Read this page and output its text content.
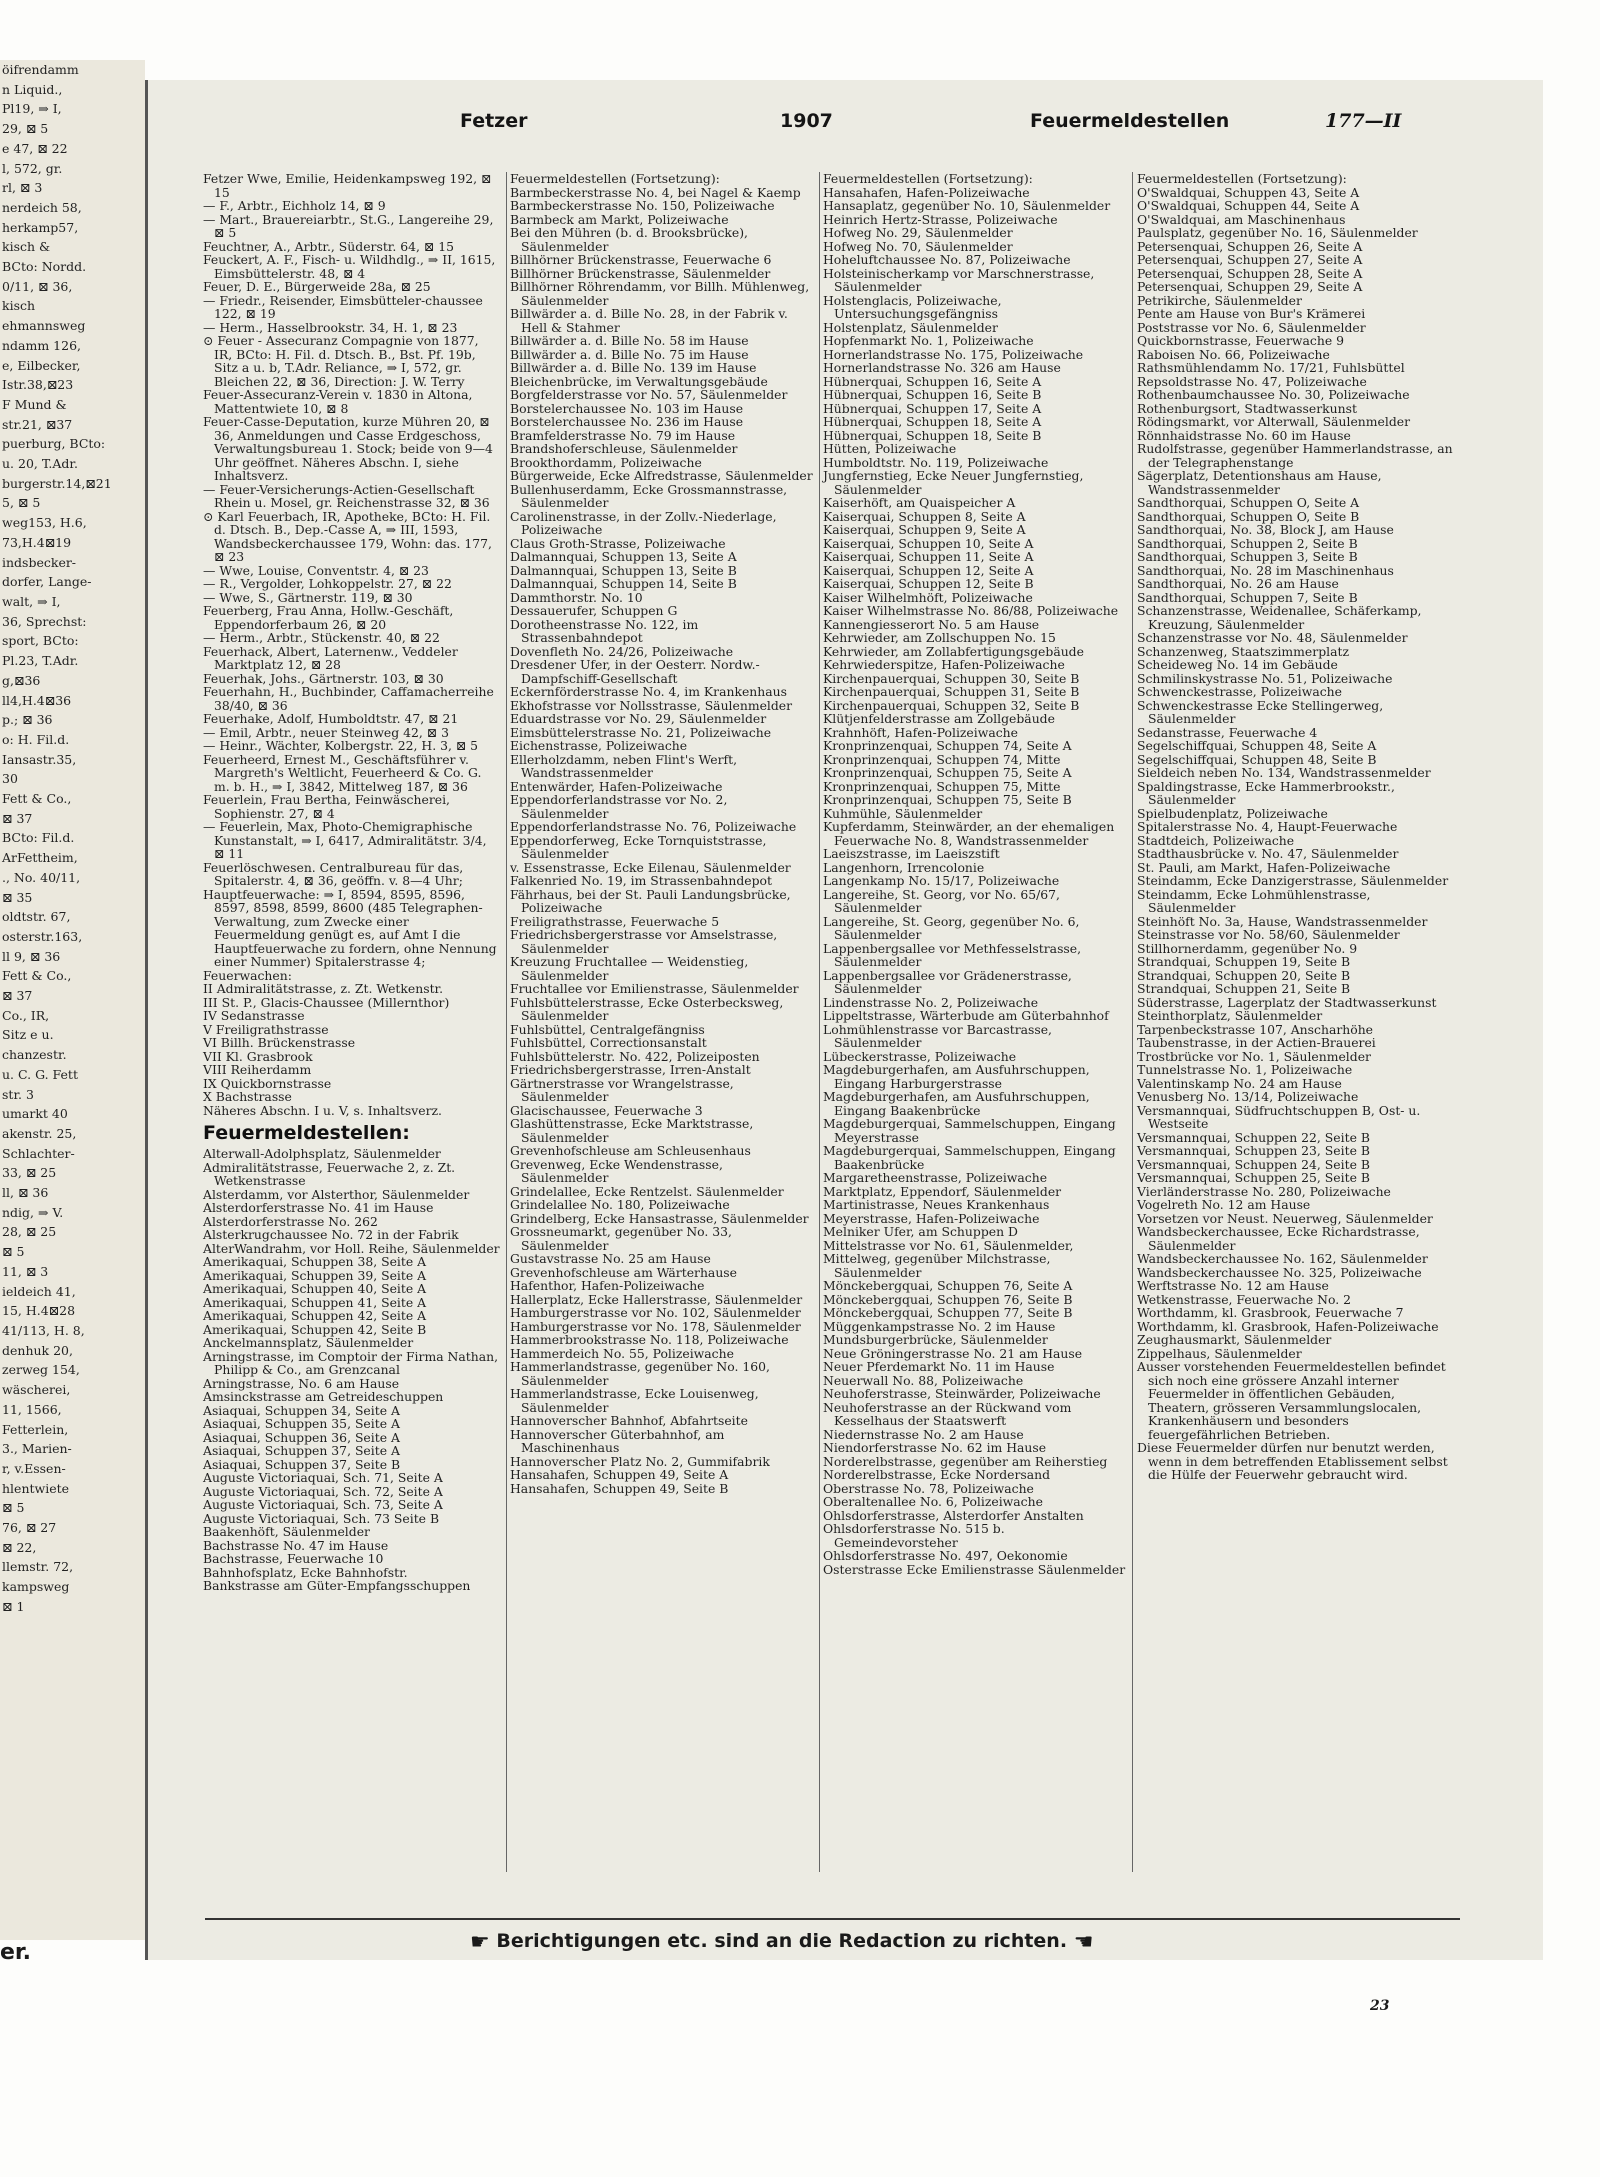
öifrendamm
n Liquid.,
Pl19, ⇒ I,
29, ⊠ 5
e 47, ⊠ 22
l, 572, gr.
rl, ⊠ 3
nerdeich 58,
herkamp57,
kisch &
BCto: Nordd.
0/11, ⊠ 36,
kisch
ehmannsweg
ndamm 126,
e, Eilbecker,
Istr.38,⊠23
F Mund &
str.21, ⊠37
puerburg, BCto:
u. 20, T.Adr.
burgerstr.14,⊠21
5, ⊠ 5
weg153, H.6,
73,H.4⊠19
indsbecker-
dorfer, Lange-
walt, ⇒ I,
36, Sprechst:
sport, BCto:
Pl.23, T.Adr.
g,⊠36
ll4,H.4⊠36
p.; ⊠ 36
o: H. Fil.d.
Iansastr.35,
30
Fett & Co.,
⊠ 37
BCto: Fil.d.
ArFettheim,
., No. 40/11,
⊠ 35
oldtstr. 67,
osterstr.163,
ll 9, ⊠ 36
Fett & Co.,
⊠ 37
Co., IR,
Sitz e u.
chanzestr.
u. C. G. Fett
str. 3
umarkt 40
akenstr. 25,
Schlachter-
33, ⊠ 25
ll, ⊠ 36
ndig, ⇒ V.
28, ⊠ 25
⊠ 5
11, ⊠ 3
ieldeich 41,
15, H.4⊠28
41/113, H. 8,
denhuk 20,
zerweg 154,
wäscherei,
11, 1566,
Fetterlein,
3., Marien-
r, v.Essen-
hlentwiete
⊠ 5
76, ⊠ 27
⊠ 22,
llemstr. 72,
kampsweg
⊠ 1
er.
Fetzer	1907	Feuermeldestellen	177—II
Fetzer Wwe, Emilie, Heidenkampsweg 192, ⊠ 15
— F., Arbtr., Eichholz 14, ⊠ 9
— Mart., Brauereiarbtr., St.G., Langereihe 29, ⊠ 5
Feuchtner, A., Arbtr., Süderstr. 64, ⊠ 15
Feuckert, A. F., Fisch- u. Wildhdlg., ⇒ II, 1615, Eimsbüttelerstr. 48, ⊠ 4
Feuer, D. E., Bürgerweide 28a, ⊠ 25
— Friedr., Reisender, Eimsbütteler-chaussee 122, ⊠ 19
— Herm., Hasselbrookstr. 34, H. 1, ⊠ 23
⊙ Feuer - Assecuranz Compagnie von 1877, IR, BCto: H. Fil. d. Dtsch. B., Bst. Pf. 19b, Sitz a u. b, T.Adr. Reliance, ⇒ I, 572, gr. Bleichen 22, ⊠ 36, Direction: J. W. Terry
Feuer-Assecuranz-Verein v. 1830 in Altona, Mattentwiete 10, ⊠ 8
Feuer-Casse-Deputation, kurze Mühren 20, ⊠ 36, Anmeldungen und Casse Erdgeschoss, Verwaltungsbureau 1. Stock; beide von 9—4 Uhr geöffnet. Näheres Abschn. I, siehe Inhaltsverz.
— Feuer-Versicherungs-Actien-Gesellschaft Rhein u. Mosel, gr. Reichenstrasse 32, ⊠ 36
⊙ Karl Feuerbach, IR, Apotheke, BCto: H. Fil. d. Dtsch. B., Dep.-Casse A, ⇒ III, 1593, Wandsbeckerchaussee 179, Wohn: das. 177, ⊠ 23
— Wwe, Louise, Conventstr. 4, ⊠ 23
— R., Vergolder, Lohkoppelstr. 27, ⊠ 22
— Wwe, S., Gärtnerstr. 119, ⊠ 30
Feuerberg, Frau Anna, Hollw.-Geschäft, Eppendorferbaum 26, ⊠ 20
— Herm., Arbtr., Stückenstr. 40, ⊠ 22
Feuerhack, Albert, Laternenw., Veddeler Marktplatz 12, ⊠ 28
Feuerhak, Johs., Gärtnerstr. 103, ⊠ 30
Feuerhahn, H., Buchbinder, Caffamacherreihe 38/40, ⊠ 36
Feuerhake, Adolf, Humboldtstr. 47, ⊠ 21
— Emil, Arbtr., neuer Steinweg 42, ⊠ 3
— Heinr., Wächter, Kolbergstr. 22, H. 3, ⊠ 5
Feuerheerd, Ernest M., Geschäftsführer v. Margreth's Weltlicht, Feuerheerd & Co. G. m. b. H., ⇒ I, 3842, Mittelweg 187, ⊠ 36
Feuerlein, Frau Bertha, Feinwäscherei, Sophienstr. 27, ⊠ 4
— Feuerlein, Max, Photo-Chemigraphische Kunstanstalt, ⇒ I, 6417, Admiralitätstr. 3/4, ⊠ 11
Feuerlöschwesen. Centralbureau für das, Spitalerstr. 4, ⊠ 36, geöffn. v. 8—4 Uhr;
Hauptfeuerwache: ⇒ I, 8594, 8595, 8596, 8597, 8598, 8599, 8600 (485 Telegraphen-Verwaltung, zum Zwecke einer Feuermeldung genügt es, auf Amt I die Hauptfeuerwache zu fordern, ohne Nennung einer Nummer) Spitalerstrasse 4;
Feuerwachen:
II Admiralitätstrasse, z. Zt. Wetkenstr.
III St. P., Glacis-Chaussee (Millernthor)
IV Sedanstrasse
V Freiligrathstrasse
VI Billh. Brückenstrasse
VII Kl. Grasbrook
VIII Reiherdamm
IX Quickbornstrasse
X Bachstrasse
Näheres Abschn. I u. V, s. Inhaltsverz.
Feuermeldestellen:
Alterwall-Adolphsplatz, Säulenmelder
Admiralitätstrasse, Feuerwache 2, z. Zt. Wetkenstrasse
Alsterdamm, vor Alsterthor, Säulenmelder
Alsterdorferstrasse No. 41 im Hause
Alsterdorferstrasse No. 262
Alsterkrugchaussee No. 72 in der Fabrik
AlterWandrahm, vor Holl. Reihe, Säulenmelder
Amerikaquai, Schuppen 38, Seite A
Amerikaquai, Schuppen 39, Seite A
Amerikaquai, Schuppen 40, Seite A
Amerikaquai, Schuppen 41, Seite A
Amerikaquai, Schuppen 42, Seite A
Amerikaquai, Schuppen 42, Seite B
Anckelmannsplatz, Säulenmelder
Arningstrasse, im Comptoir der Firma Nathan, Philipp & Co., am Grenzcanal
Arningstrasse, No. 6 am Hause
Amsinckstrasse am Getreideschuppen
Asiaquai, Schuppen 34, Seite A
Asiaquai, Schuppen 35, Seite A
Asiaquai, Schuppen 36, Seite A
Asiaquai, Schuppen 37, Seite A
Asiaquai, Schuppen 37, Seite B
Auguste Victoriaquai, Sch. 71, Seite A
Auguste Victoriaquai, Sch. 72, Seite A
Auguste Victoriaquai, Sch. 73, Seite A
Auguste Victoriaquai, Sch. 73 Seite B
Baakenhöft, Säulenmelder
Bachstrasse No. 47 im Hause
Bachstrasse, Feuerwache 10
Bahnhofsplatz, Ecke Bahnhofstr.
Bankstrasse am Güter-Empfangsschuppen
Feuermeldestellen (Fortsetzung):
Barmbeckerstrasse No. 4, bei Nagel & Kaemp
Barmbeckerstrasse No. 150, Polizeiwache
Barmbeck am Markt, Polizeiwache
Bei den Mühren (b. d. Brooksbrücke), Säulenmelder
Billhörner Brückenstrasse, Feuerwache 6
Billhörner Brückenstrasse, Säulenmelder
Billhörner Röhrendamm, vor Billh. Mühlenweg, Säulenmelder
Billwärder a. d. Bille No. 28, in der Fabrik v. Hell & Stahmer
Billwärder a. d. Bille No. 58 im Hause
Billwärder a. d. Bille No. 75 im Hause
Billwärder a. d. Bille No. 139 im Hause
Bleichenbrücke, im Verwaltungsgebäude
Borgfelderstrasse vor No. 57, Säulenmelder
Borstelerchaussee No. 103 im Hause
Borstelerchaussee No. 236 im Hause
Bramfelderstrasse No. 79 im Hause
Brandshoferschleuse, Säulenmelder
Brookthordamm, Polizeiwache
Bürgerweide, Ecke Alfredstrasse, Säulenmelder
Bullenhuserdamm, Ecke Grossmannstrasse, Säulenmelder
Carolinenstrasse, in der Zollv.-Niederlage, Polizeiwache
Claus Groth-Strasse, Polizeiwache
Dalmannquai, Schuppen 13, Seite A
Dalmannquai, Schuppen 13, Seite B
Dalmannquai, Schuppen 14, Seite B
Dammthorstr. No. 10
Dessauerufer, Schuppen G
Dorotheenstrasse No. 122, im Strassenbahndepot
Dovenfleth No. 24/26, Polizeiwache
Dresdener Ufer, in der Oesterr. Nordw.-Dampfschiff-Gesellschaft
Eckernförderstrasse No. 4, im Krankenhaus
Ekhofstrasse vor Nollsstrasse, Säulenmelder
Eduardstrasse vor No. 29, Säulenmelder
Eimsbüttelerstrasse No. 21, Polizeiwache
Eichenstrasse, Polizeiwache
Ellerholzdamm, neben Flint's Werft, Wandstrassenmelder
Entenwärder, Hafen-Polizeiwache
Eppendorferlandstrasse vor No. 2, Säulenmelder
Eppendorferlandstrasse No. 76, Polizeiwache
Eppendorferweg, Ecke Tornquiststrasse, Säulenmelder
v. Essenstrasse, Ecke Eilenau, Säulenmelder
Falkenried No. 19, im Strassenbahndepot
Fährhaus, bei der St. Pauli Landungsbrücke, Polizeiwache
Freiligrathstrasse, Feuerwache 5
Friedrichsbergerstrasse vor Amselstrasse, Säulenmelder
Kreuzung Fruchtallee — Weidenstieg, Säulenmelder
Fruchtallee vor Emilienstrasse, Säulenmelder
Fuhlsbüttelerstrasse, Ecke Osterbecksweg, Säulenmelder
Fuhlsbüttel, Centralgefängniss
Fuhlsbüttel, Correctionsanstalt
Fuhlsbüttelerstr. No. 422, Polizeiposten
Friedrichsbergerstrasse, Irren-Anstalt
Gärtnerstrasse vor Wrangelstrasse, Säulenmelder
Glacischaussee, Feuerwache 3
Glashüttenstrasse, Ecke Marktstrasse, Säulenmelder
Grevenhofschleuse am Schleusenhaus
Grevenweg, Ecke Wendenstrasse, Säulenmelder
Grindelallee, Ecke Rentzelst. Säulenmelder
Grindelallee No. 180, Polizeiwache
Grindelberg, Ecke Hansastrasse, Säulenmelder
Grossneumarkt, gegenüber No. 33, Säulenmelder
Gustavstrasse No. 25 am Hause
Grevenhofschleuse am Wärterhause
Hafenthor, Hafen-Polizeiwache
Hallerplatz, Ecke Hallerstrasse, Säulenmelder
Hamburgerstrasse vor No. 102, Säulenmelder
Hamburgerstrasse vor No. 178, Säulenmelder
Hammerbrookstrasse No. 118, Polizeiwache
Hammerdeich No. 55, Polizeiwache
Hammerlandstrasse, gegenüber No. 160, Säulenmelder
Hammerlandstrasse, Ecke Louisenweg, Säulenmelder
Hannoverscher Bahnhof, Abfahrtseite
Hannoverscher Güterbahnhof, am Maschinenhaus
Hannoverscher Platz No. 2, Gummifabrik
Hansahafen, Schuppen 49, Seite A
Hansahafen, Schuppen 49, Seite B
Feuermeldestellen (Fortsetzung):
Hansahafen, Hafen-Polizeiwache
Hansaplatz, gegenüber No. 10, Säulenmelder
Heinrich Hertz-Strasse, Polizeiwache
Hofweg No. 29, Säulenmelder
Hofweg No. 70, Säulenmelder
Hoheluftchaussee No. 87, Polizeiwache
Holsteinischerkamp vor Marschnerstrasse, Säulenmelder
Holstenglacis, Polizeiwache, Untersuchungsgefängniss
Holstenplatz, Säulenmelder
Hopfenmarkt No. 1, Polizeiwache
Hornerlandstrasse No. 175, Polizeiwache
Hornerlandstrasse No. 326 am Hause
Hübnerquai, Schuppen 16, Seite A
Hübnerquai, Schuppen 16, Seite B
Hübnerquai, Schuppen 17, Seite A
Hübnerquai, Schuppen 18, Seite A
Hübnerquai, Schuppen 18, Seite B
Hütten, Polizeiwache
Humboldtstr. No. 119, Polizeiwache
Jungfernstieg, Ecke Neuer Jungfernstieg, Säulenmelder
Kaiserhöft, am Quaispeicher A
Kaiserquai, Schuppen 8, Seite A
Kaiserquai, Schuppen 9, Seite A
Kaiserquai, Schuppen 10, Seite A
Kaiserquai, Schuppen 11, Seite A
Kaiserquai, Schuppen 12, Seite A
Kaiserquai, Schuppen 12, Seite B
Kaiser Wilhelmhöft, Polizeiwache
Kaiser Wilhelmstrasse No. 86/88, Polizeiwache
Kannengiesserort No. 5 am Hause
Kehrwieder, am Zollschuppen No. 15
Kehrwieder, am Zollabfertigungsgebäude
Kehrwiederspitze, Hafen-Polizeiwache
Kirchenpauerquai, Schuppen 30, Seite B
Kirchenpauerquai, Schuppen 31, Seite B
Kirchenpauerquai, Schuppen 32, Seite B
Klütjenfelderstrasse am Zollgebäude
Krahnhöft, Hafen-Polizeiwache
Kronprinzenquai, Schuppen 74, Seite A
Kronprinzenquai, Schuppen 74, Mitte
Kronprinzenquai, Schuppen 75, Seite A
Kronprinzenquai, Schuppen 75, Mitte
Kronprinzenquai, Schuppen 75, Seite B
Kuhmühle, Säulenmelder
Kupferdamm, Steinwärder, an der ehemaligen Feuerwache No. 8, Wandstrassenmelder
Laeiszstrasse, im Laeiszstift
Langenhorn, Irrencolonie
Langenkamp No. 15/17, Polizeiwache
Langereihe, St. Georg, vor No. 65/67, Säulenmelder
Langereihe, St. Georg, gegenüber No. 6, Säulenmelder
Lappenbergsallee vor Methfesselstrasse, Säulenmelder
Lappenbergsallee vor Grädenerstrasse, Säulenmelder
Lindenstrasse No. 2, Polizeiwache
Lippeltstrasse, Wärterbude am Güterbahnhof
Lohmühlenstrasse vor Barcastrasse, Säulenmelder
Lübeckerstrasse, Polizeiwache
Magdeburgerhafen, am Ausfuhrschuppen, Eingang Harburgerstrasse
Magdeburgerhafen, am Ausfuhrschuppen, Eingang Baakenbrücke
Magdeburgerquai, Sammelschuppen, Eingang Meyerstrasse
Magdeburgerquai, Sammelschuppen, Eingang Baakenbrücke
Margaretheenstrasse, Polizeiwache
Marktplatz, Eppendorf, Säulenmelder
Martinistrasse, Neues Krankenhaus
Meyerstrasse, Hafen-Polizeiwache
Melniker Ufer, am Schuppen D
Mittelstrasse vor No. 61, Säulenmelder,
Mittelweg, gegenüber Milchstrasse, Säulenmelder
Mönckebergquai, Schuppen 76, Seite A
Mönckebergquai, Schuppen 76, Seite B
Mönckebergquai, Schuppen 77, Seite B
Müggenkampstrasse No. 2 im Hause
Mundsburgerbrücke, Säulenmelder
Neue Gröningerstrasse No. 21 am Hause
Neuer Pferdemarkt No. 11 im Hause
Neuerwall No. 88, Polizeiwache
Neuhoferstrasse, Steinwärder, Polizeiwache
Neuhoferstrasse an der Rückwand vom Kesselhaus der Staatswerft
Niedernstrasse No. 2 am Hause
Niendorferstrasse No. 62 im Hause
Norderelbstrasse, gegenüber am Reiherstieg
Norderelbstrasse, Ecke Nordersand
Oberstrasse No. 78, Polizeiwache
Oberaltenallee No. 6, Polizeiwache
Ohlsdorferstrasse, Alsterdorfer Anstalten
Ohlsdorferstrasse No. 515 b. Gemeindevorsteher
Ohlsdorferstrasse No. 497, Oekonomie
Osterstrasse Ecke Emilienstrasse Säulenmelder
Feuermeldestellen (Fortsetzung):
O'Swaldquai, Schuppen 43, Seite A
O'Swaldquai, Schuppen 44, Seite A
O'Swaldquai, am Maschinenhaus
Paulsplatz, gegenüber No. 16, Säulenmelder
Petersenquai, Schuppen 26, Seite A
Petersenquai, Schuppen 27, Seite A
Petersenquai, Schuppen 28, Seite A
Petersenquai, Schuppen 29, Seite A
Petrikirche, Säulenmelder
Pente am Hause von Bur's Krämerei
Poststrasse vor No. 6, Säulenmelder
Quickbornstrasse, Feuerwache 9
Raboisen No. 66, Polizeiwache
Rathsmühlendamm No. 17/21, Fuhlsbüttel
Repsoldstrasse No. 47, Polizeiwache
Rothenbaumchaussee No. 30, Polizeiwache
Rothenburgsort, Stadtwasserkunst
Rödingsmarkt, vor Alterwall, Säulenmelder
Rönnhaidstrasse No. 60 im Hause
Rudolfstrasse, gegenüber Hammerlandstrasse, an der Telegraphenstange
Sägerplatz, Detentionshaus am Hause, Wandstrassenmelder
Sandthorquai, Schuppen O, Seite A
Sandthorquai, Schuppen O, Seite B
Sandthorquai, No. 38, Block J, am Hause
Sandthorquai, Schuppen 2, Seite B
Sandthorquai, Schuppen 3, Seite B
Sandthorquai, No. 28 im Maschinenhaus
Sandthorquai, No. 26 am Hause
Sandthorquai, Schuppen 7, Seite B
Schanzenstrasse, Weidenallee, Schäferkamp, Kreuzung, Säulenmelder
Schanzenstrasse vor No. 48, Säulenmelder
Schanzenweg, Staatszimmerplatz
Scheideweg No. 14 im Gebäude
Schmilinskystrasse No. 51, Polizeiwache
Schwenckestrasse, Polizeiwache
Schwenckestrasse Ecke Stellingerweg, Säulenmelder
Sedanstrasse, Feuerwache 4
Segelschiffquai, Schuppen 48, Seite A
Segelschiffquai, Schuppen 48, Seite B
Sieldeich neben No. 134, Wandstrassenmelder
Spaldingstrasse, Ecke Hammerbrookstr., Säulenmelder
Spielbudenplatz, Polizeiwache
Spitalerstrasse No. 4, Haupt-Feuerwache
Stadtdeich, Polizeiwache
Stadthausbrücke v. No. 47, Säulenmelder
St. Pauli, am Markt, Hafen-Polizeiwache
Steindamm, Ecke Danzigerstrasse, Säulenmelder
Steindamm, Ecke Lohmühlenstrasse, Säulenmelder
Steinhöft No. 3a, Hause, Wandstrassenmelder
Steinstrasse vor No. 58/60, Säulenmelder
Stillhornerdamm, gegenüber No. 9
Strandquai, Schuppen 19, Seite B
Strandquai, Schuppen 20, Seite B
Strandquai, Schuppen 21, Seite B
Süderstrasse, Lagerplatz der Stadtwasserkunst
Steinthorplatz, Säulenmelder
Tarpenbeckstrasse 107, Anscharhöhe
Taubenstrasse, in der Actien-Brauerei
Trostbrücke vor No. 1, Säulenmelder
Tunnelstrasse No. 1, Polizeiwache
Valentinskamp No. 24 am Hause
Venusberg No. 13/14, Polizeiwache
Versmannquai, Südfruchtschuppen B, Ost- u. Westseite
Versmannquai, Schuppen 22, Seite B
Versmannquai, Schuppen 23, Seite B
Versmannquai, Schuppen 24, Seite B
Versmannquai, Schuppen 25, Seite B
Vierländerstrasse No. 280, Polizeiwache
Vogelreth No. 12 am Hause
Vorsetzen vor Neust. Neuerweg, Säulenmelder
Wandsbeckerchaussee, Ecke Richardstrasse, Säulenmelder
Wandsbeckerchaussee No. 162, Säulenmelder
Wandsbeckerchaussee No. 325, Polizeiwache
Werftstrasse No. 12 am Hause
Wetkenstrasse, Feuerwache No. 2
Worthdamm, kl. Grasbrook, Feuerwache 7
Worthdamm, kl. Grasbrook, Hafen-Polizeiwache
Zeughausmarkt, Säulenmelder
Zippelhaus, Säulenmelder
Ausser vorstehenden Feuermeldestellen befindet sich noch eine grössere Anzahl interner Feuermelder in öffentlichen Gebäuden, Theatern, grösseren Versammlungslocalen, Krankenhäusern und besonders feuergefährlichen Betrieben.
Diese Feuermelder dürfen nur benutzt werden, wenn in dem betreffenden Etablissement selbst die Hülfe der Feuerwehr gebraucht wird.
☛ Berichtigungen etc. sind an die Redaction zu richten. ☚
23
